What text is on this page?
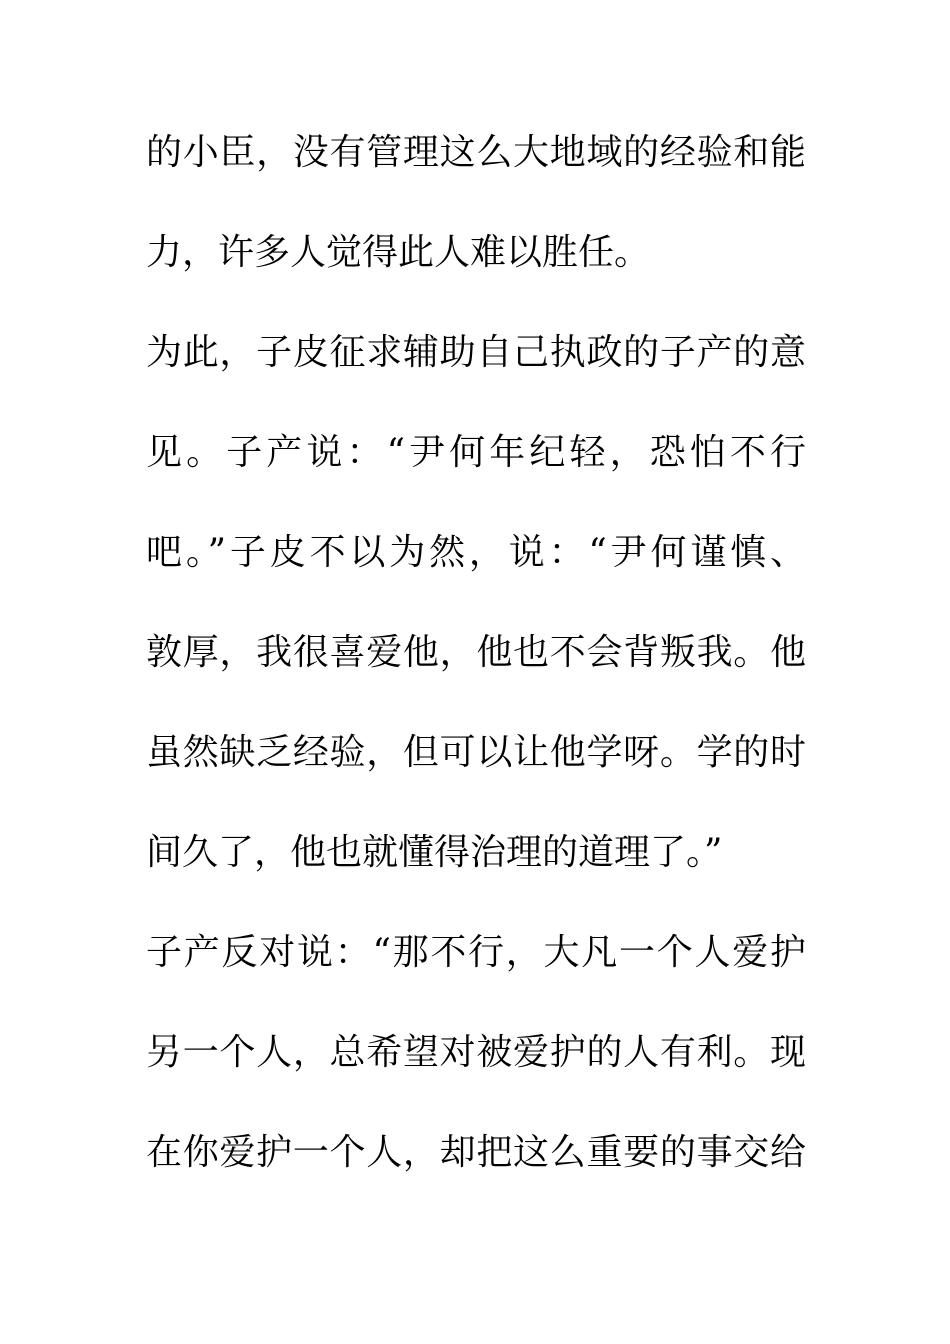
的小臣，没有管理这么大地域的经验和能
力，许多人觉得此人难以胜任。
为此，子皮征求辅助自己执政的子产的意
见。子产说：“尹何年纪轻，恐怕不行
吧。”子皮不以为然，说：“尹何谨慎、
敦厚，我很喜爱他，他也不会背叛我。他
虽然缺乏经验，但可以让他学呀。学的时
间久了，他也就懂得治理的道理了。”
子产反对说：“那不行，大凡一个人爱护
另一个人，总希望对被爱护的人有利。现
在你爱护一个人，却把这么重要的事交给
